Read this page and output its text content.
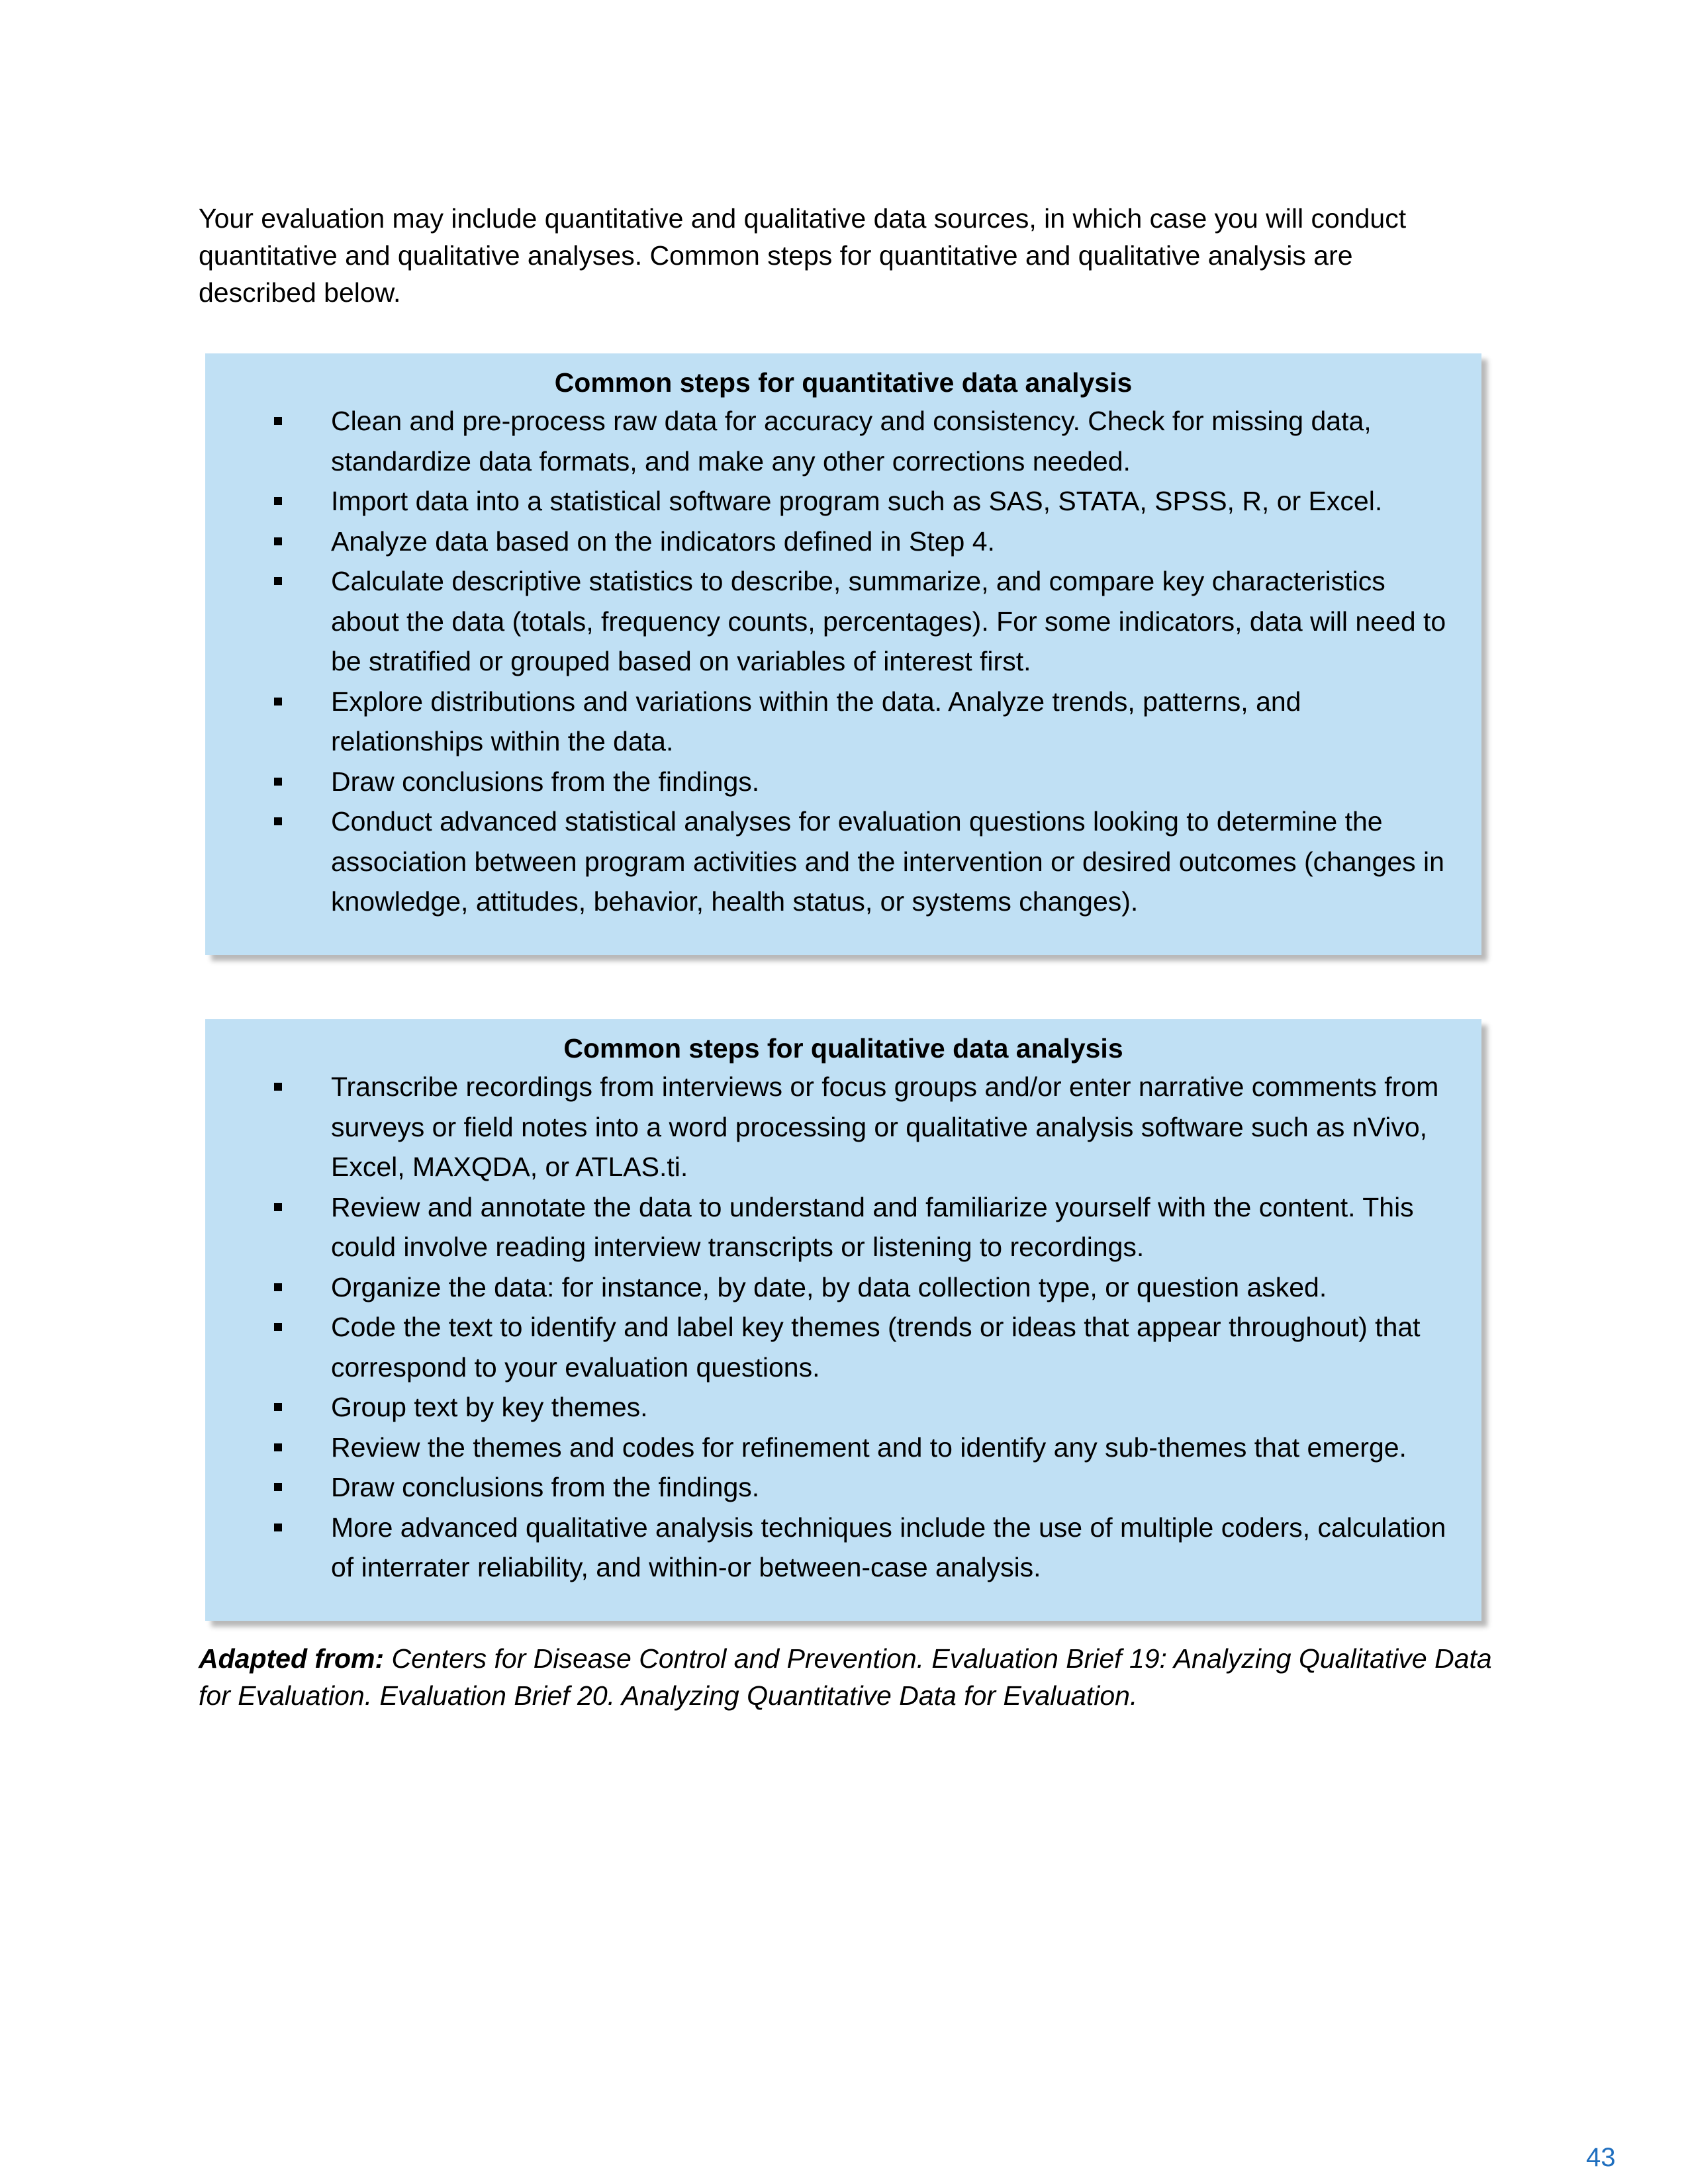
Your evaluation may include quantitative and qualitative data sources, in which case you will conduct quantitative and qualitative analyses. Common steps for quantitative and qualitative analysis are described below.

Common steps for quantitative data analysis

Clean and pre-process raw data for accuracy and consistency. Check for missing data, standardize data formats, and make any other corrections needed.
Import data into a statistical software program such as SAS, STATA, SPSS, R, or Excel.
Analyze data based on the indicators defined in Step 4.
Calculate descriptive statistics to describe, summarize, and compare key characteristics about the data (totals, frequency counts, percentages). For some indicators, data will need to be stratified or grouped based on variables of interest first.
Explore distributions and variations within the data. Analyze trends, patterns, and relationships within the data.
Draw conclusions from the findings.
Conduct advanced statistical analyses for evaluation questions looking to determine the association between program activities and the intervention or desired outcomes (changes in knowledge, attitudes, behavior, health status, or systems changes).

Common steps for qualitative data analysis

Transcribe recordings from interviews or focus groups and/or enter narrative comments from surveys or field notes into a word processing or qualitative analysis software such as nVivo, Excel, MAXQDA, or ATLAS.ti.
Review and annotate the data to understand and familiarize yourself with the content. This could involve reading interview transcripts or listening to recordings.
Organize the data: for instance, by date, by data collection type, or question asked.
Code the text to identify and label key themes (trends or ideas that appear throughout) that correspond to your evaluation questions.
Group text by key themes.
Review the themes and codes for refinement and to identify any sub-themes that emerge.
Draw conclusions from the findings.
More advanced qualitative analysis techniques include the use of multiple coders, calculation of interrater reliability, and within-or between-case analysis.

Adapted from: Centers for Disease Control and Prevention. Evaluation Brief 19: Analyzing Qualitative Data for Evaluation. Evaluation Brief 20. Analyzing Quantitative Data for Evaluation.

43
